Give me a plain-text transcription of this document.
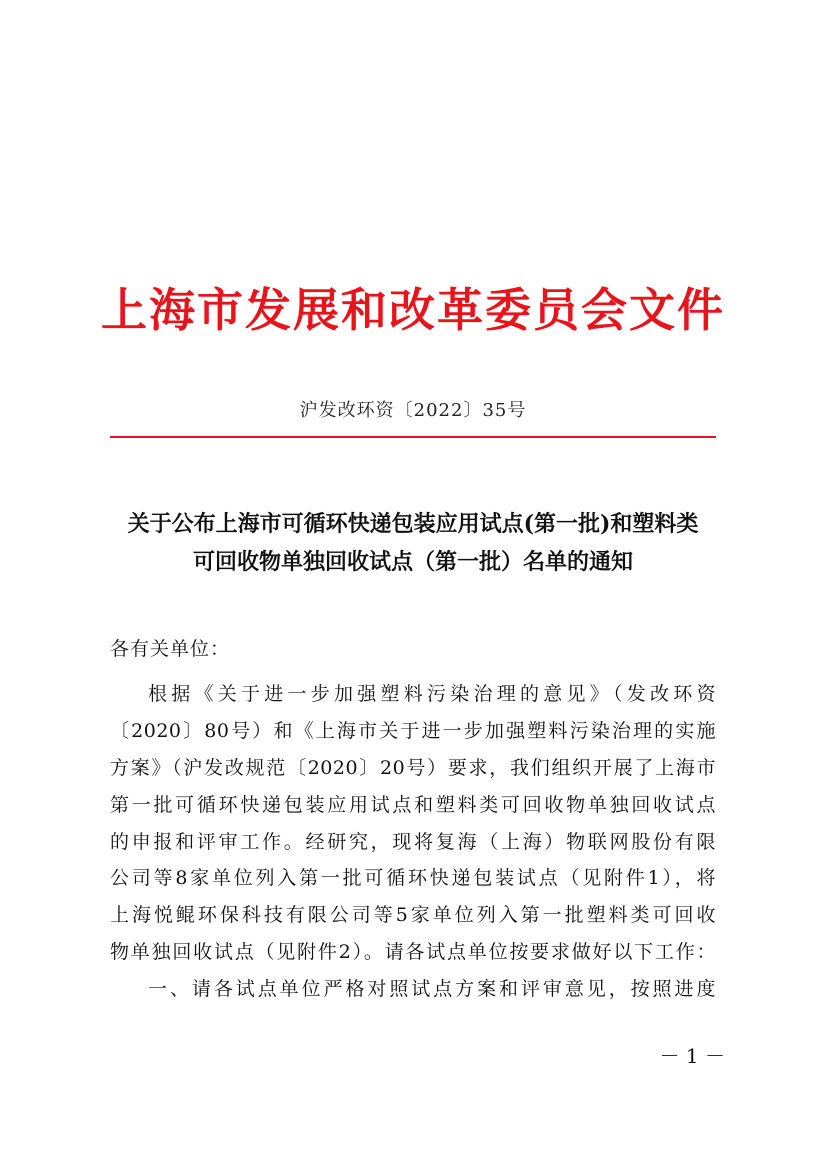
上海市发展和改革委员会文件
沪发改环资〔2022〕35号
关于公布上海市可循环快递包装应用试点(第一批)和塑料类
可回收物单独回收试点（第一批）名单的通知
各有关单位：
根据《关于进一步加强塑料污染治理的意见》（发改环资
〔2020〕80号）和《上海市关于进一步加强塑料污染治理的实施
方案》（沪发改规范〔2020〕20号）要求，我们组织开展了上海市
第一批可循环快递包装应用试点和塑料类可回收物单独回收试点
的申报和评审工作。经研究，现将复海（上海）物联网股份有限
公司等8家单位列入第一批可循环快递包装试点（见附件1），将
上海悦鲲环保科技有限公司等5家单位列入第一批塑料类可回收
物单独回收试点（见附件2）。请各试点单位按要求做好以下工作：
一、请各试点单位严格对照试点方案和评审意见，按照进度
－ 1 －
